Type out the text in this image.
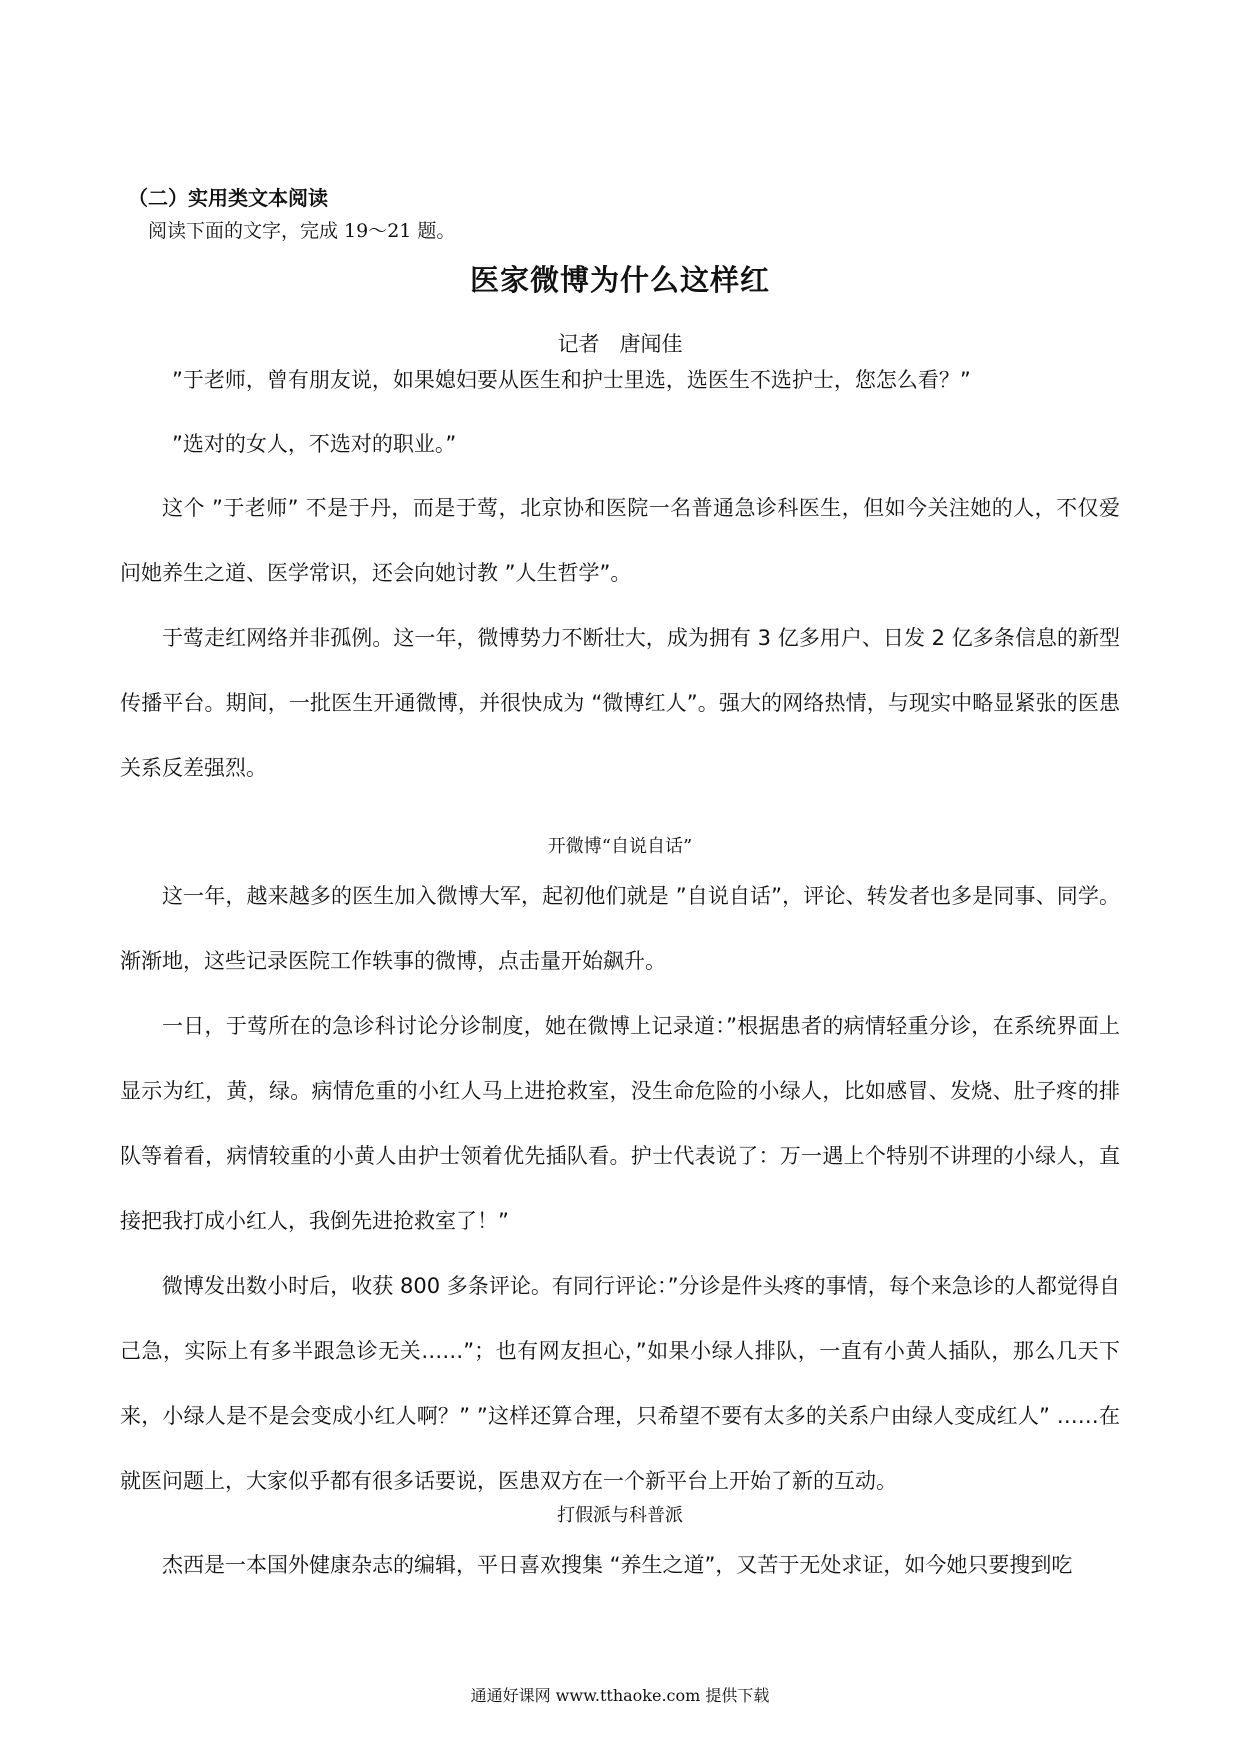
（二）实用类文本阅读
阅读下面的文字，完成 19～21 题。
医家微博为什么这样红
记者   唐闻佳

”于老师，曾有朋友说，如果媳妇要从医生和护士里选，选医生不选护士，您怎么看？”

”选对的女人，不选对的职业。”

这个 ”于老师” 不是于丹，而是于莺，北京协和医院一名普通急诊科医生，但如今关注她的人，不仅爱问她养生之道、医学常识，还会向她讨教 ”人生哲学”。

于莺走红网络并非孤例。这一年，微博势力不断壮大，成为拥有 3 亿多用户、日发 2 亿多条信息的新型传播平台。期间，一批医生开通微博，并很快成为 “微博红人”。强大的网络热情，与现实中略显紧张的医患关系反差强烈。

开微博“自说自话”

这一年，越来越多的医生加入微博大军，起初他们就是 ”自说自话”，评论、转发者也多是同事、同学。渐渐地，这些记录医院工作轶事的微博，点击量开始飙升。

一日，于莺所在的急诊科讨论分诊制度，她在微博上记录道：”根据患者的病情轻重分诊，在系统界面上显示为红，黄，绿。病情危重的小红人马上进抢救室，没生命危险的小绿人，比如感冒、发烧、肚子疼的排队等着看，病情较重的小黄人由护士领着优先插队看。护士代表说了：万一遇上个特别不讲理的小绿人，直接把我打成小红人，我倒先进抢救室了！”

微博发出数小时后，收获 800 多条评论。有同行评论：”分诊是件头疼的事情，每个来急诊的人都觉得自己急，实际上有多半跟急诊无关……”；也有网友担心，”如果小绿人排队，一直有小黄人插队，那么几天下来，小绿人是不是会变成小红人啊？” ”这样还算合理，只希望不要有太多的关系户由绿人变成红人” ……在就医问题上，大家似乎都有很多话要说，医患双方在一个新平台上开始了新的互动。

打假派与科普派

杰西是一本国外健康杂志的编辑，平日喜欢搜集 “养生之道”，又苦于无处求证，如今她只要搜到吃

通通好课网 www.tthaoke.com 提供下载
